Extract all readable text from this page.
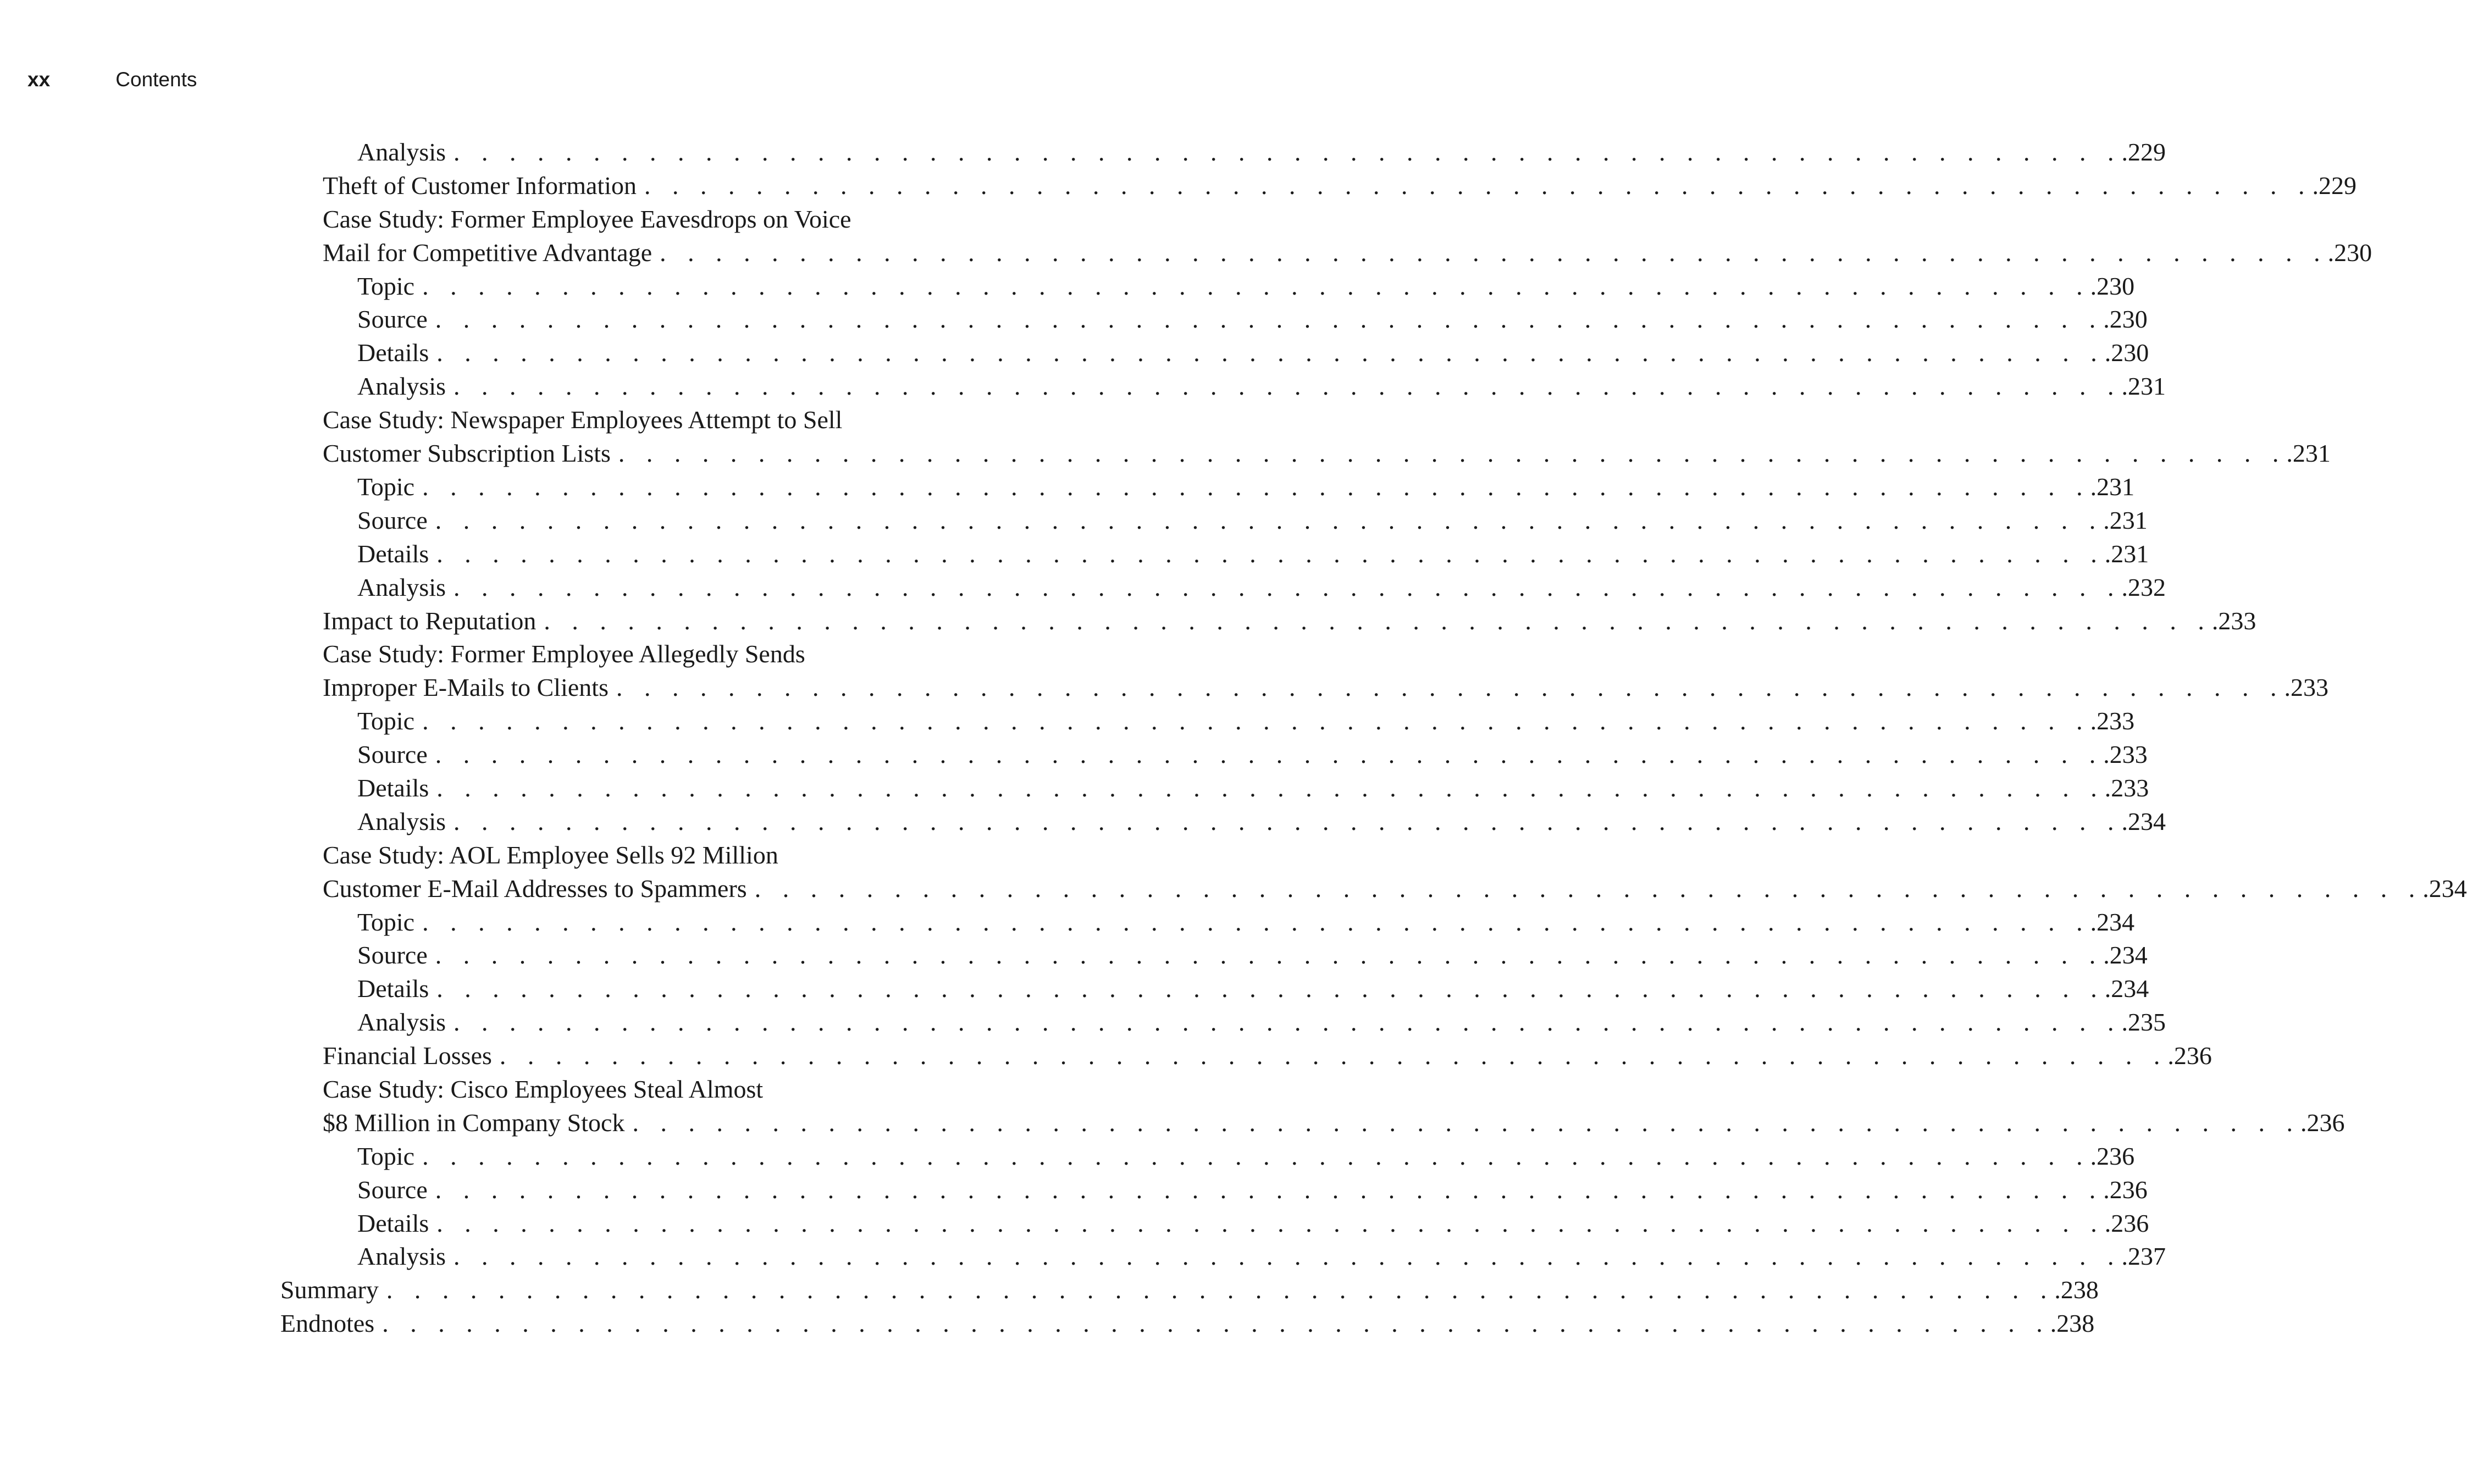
xx	Contents
Analysis . . . . . . . . . . . . . . . . . . . . . . . . . . . . . . . . . . . . . . . . . . . . . . . . . . . . . . . . . . . . .229
Theft of Customer Information . . . . . . . . . . . . . . . . . . . . . . . . . . . . . . . . . . . . . . . . . . . . . . . . . . . . . . . . . . . . .229
Case Study: Former Employee Eavesdrops on Voice
Mail for Competitive Advantage . . . . . . . . . . . . . . . . . . . . . . . . . . . . . . . . . . . . . . . . . . . . . . . . . . . . . . . . . . . . .230
Topic . . . . . . . . . . . . . . . . . . . . . . . . . . . . . . . . . . . . . . . . . . . . . . . . . . . . . . . . . . . . .230
Source . . . . . . . . . . . . . . . . . . . . . . . . . . . . . . . . . . . . . . . . . . . . . . . . . . . . . . . . . . . . .230
Details . . . . . . . . . . . . . . . . . . . . . . . . . . . . . . . . . . . . . . . . . . . . . . . . . . . . . . . . . . . . .230
Analysis . . . . . . . . . . . . . . . . . . . . . . . . . . . . . . . . . . . . . . . . . . . . . . . . . . . . . . . . . . . . .231
Case Study: Newspaper Employees Attempt to Sell
Customer Subscription Lists . . . . . . . . . . . . . . . . . . . . . . . . . . . . . . . . . . . . . . . . . . . . . . . . . . . . . . . . . . . . .231
Topic . . . . . . . . . . . . . . . . . . . . . . . . . . . . . . . . . . . . . . . . . . . . . . . . . . . . . . . . . . . . .231
Source . . . . . . . . . . . . . . . . . . . . . . . . . . . . . . . . . . . . . . . . . . . . . . . . . . . . . . . . . . . . .231
Details . . . . . . . . . . . . . . . . . . . . . . . . . . . . . . . . . . . . . . . . . . . . . . . . . . . . . . . . . . . . .231
Analysis . . . . . . . . . . . . . . . . . . . . . . . . . . . . . . . . . . . . . . . . . . . . . . . . . . . . . . . . . . . . .232
Impact to Reputation . . . . . . . . . . . . . . . . . . . . . . . . . . . . . . . . . . . . . . . . . . . . . . . . . . . . . . . . . . . . .233
Case Study: Former Employee Allegedly Sends
Improper E-Mails to Clients . . . . . . . . . . . . . . . . . . . . . . . . . . . . . . . . . . . . . . . . . . . . . . . . . . . . . . . . . . . . .233
Topic . . . . . . . . . . . . . . . . . . . . . . . . . . . . . . . . . . . . . . . . . . . . . . . . . . . . . . . . . . . . .233
Source . . . . . . . . . . . . . . . . . . . . . . . . . . . . . . . . . . . . . . . . . . . . . . . . . . . . . . . . . . . . .233
Details . . . . . . . . . . . . . . . . . . . . . . . . . . . . . . . . . . . . . . . . . . . . . . . . . . . . . . . . . . . . .233
Analysis . . . . . . . . . . . . . . . . . . . . . . . . . . . . . . . . . . . . . . . . . . . . . . . . . . . . . . . . . . . . .234
Case Study: AOL Employee Sells 92 Million
Customer E-Mail Addresses to Spammers . . . . . . . . . . . . . . . . . . . . . . . . . . . . . . . . . . . . . . . . . . . . . . . . . . . . . . . . . . . . .234
Topic . . . . . . . . . . . . . . . . . . . . . . . . . . . . . . . . . . . . . . . . . . . . . . . . . . . . . . . . . . . . .234
Source . . . . . . . . . . . . . . . . . . . . . . . . . . . . . . . . . . . . . . . . . . . . . . . . . . . . . . . . . . . . .234
Details . . . . . . . . . . . . . . . . . . . . . . . . . . . . . . . . . . . . . . . . . . . . . . . . . . . . . . . . . . . . .234
Analysis . . . . . . . . . . . . . . . . . . . . . . . . . . . . . . . . . . . . . . . . . . . . . . . . . . . . . . . . . . . . .235
Financial Losses . . . . . . . . . . . . . . . . . . . . . . . . . . . . . . . . . . . . . . . . . . . . . . . . . . . . . . . . . . . . .236
Case Study: Cisco Employees Steal Almost
$8 Million in Company Stock . . . . . . . . . . . . . . . . . . . . . . . . . . . . . . . . . . . . . . . . . . . . . . . . . . . . . . . . . . . . .236
Topic . . . . . . . . . . . . . . . . . . . . . . . . . . . . . . . . . . . . . . . . . . . . . . . . . . . . . . . . . . . . .236
Source . . . . . . . . . . . . . . . . . . . . . . . . . . . . . . . . . . . . . . . . . . . . . . . . . . . . . . . . . . . . .236
Details . . . . . . . . . . . . . . . . . . . . . . . . . . . . . . . . . . . . . . . . . . . . . . . . . . . . . . . . . . . . .236
Analysis . . . . . . . . . . . . . . . . . . . . . . . . . . . . . . . . . . . . . . . . . . . . . . . . . . . . . . . . . . . . .237
Summary . . . . . . . . . . . . . . . . . . . . . . . . . . . . . . . . . . . . . . . . . . . . . . . . . . . . . . . . . . . . .238
Endnotes . . . . . . . . . . . . . . . . . . . . . . . . . . . . . . . . . . . . . . . . . . . . . . . . . . . . . . . . . . . . .238
